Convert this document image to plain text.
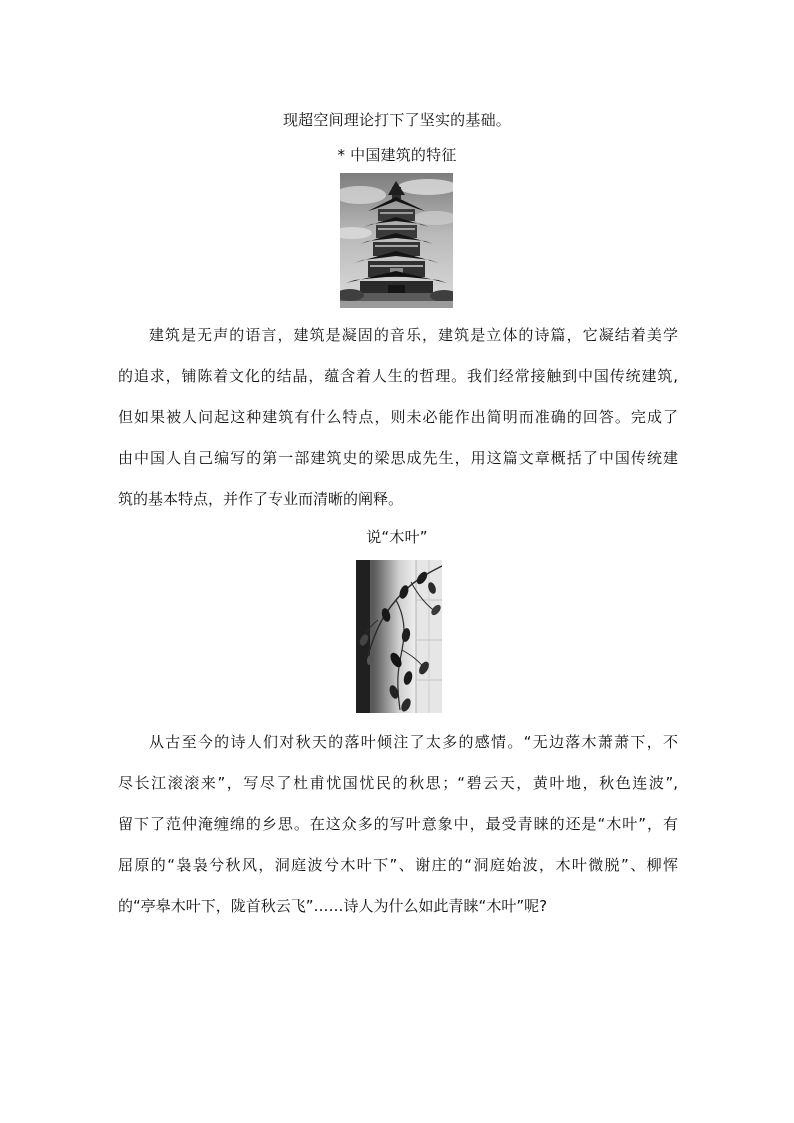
现超空间理论打下了坚实的基础。
* 中国建筑的特征
建筑是无声的语言，建筑是凝固的音乐，建筑是立体的诗篇，它凝结着美学
的追求，铺陈着文化的结晶，蕴含着人生的哲理。我们经常接触到中国传统建筑,
但如果被人问起这种建筑有什么特点，则未必能作出简明而准确的回答。完成了
由中国人自己编写的第一部建筑史的梁思成先生，用这篇文章概括了中国传统建
筑的基本特点，并作了专业而清晰的阐释。
说“木叶”
从古至今的诗人们对秋天的落叶倾注了太多的感情。“无边落木萧萧下，不
尽长江滚滚来”，写尽了杜甫忧国忧民的秋思；“碧云天，黄叶地，秋色连波”,
留下了范仲淹缠绵的乡思。在这众多的写叶意象中，最受青睐的还是“木叶”，有
屈原的“袅袅兮秋风，洞庭波兮木叶下”、谢庄的“洞庭始波，木叶微脱”、柳恽
的“亭皋木叶下，陇首秋云飞”……诗人为什么如此青睐“木叶”呢?
